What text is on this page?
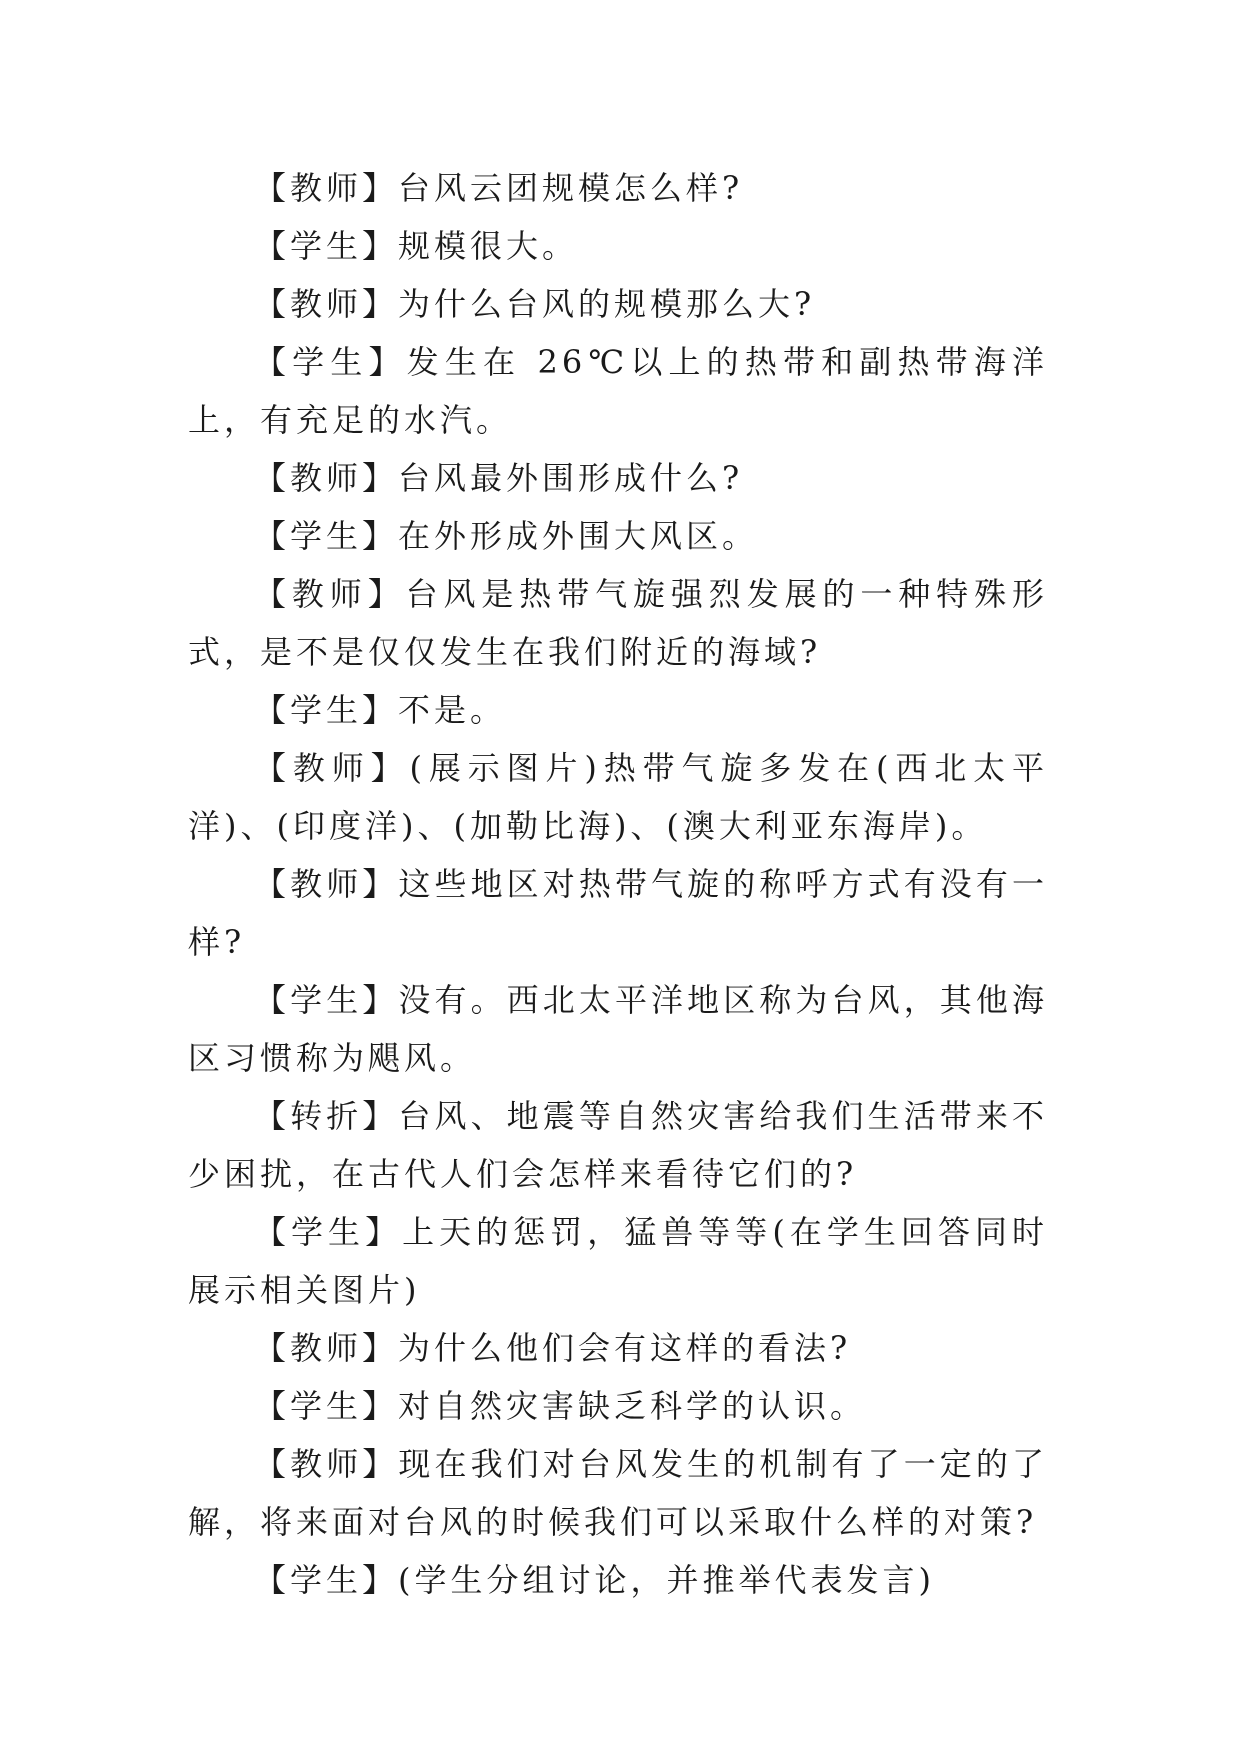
【教师】台风云团规模怎么样?

【学生】规模很大。

【教师】为什么台风的规模那么大?

【学生】发生在 26℃以上的热带和副热带海洋上，有充足的水汽。

【教师】台风最外围形成什么?

【学生】在外形成外围大风区。

【教师】台风是热带气旋强烈发展的一种特殊形式，是不是仅仅发生在我们附近的海域?

【学生】不是。

【教师】(展示图片)热带气旋多发在(西北太平洋)、(印度洋)、(加勒比海)、(澳大利亚东海岸)。

【教师】这些地区对热带气旋的称呼方式有没有一样?

【学生】没有。西北太平洋地区称为台风，其他海区习惯称为飓风。

【转折】台风、地震等自然灾害给我们生活带来不少困扰，在古代人们会怎样来看待它们的?

【学生】上天的惩罚，猛兽等等(在学生回答同时展示相关图片)

【教师】为什么他们会有这样的看法?

【学生】对自然灾害缺乏科学的认识。

【教师】现在我们对台风发生的机制有了一定的了解，将来面对台风的时候我们可以采取什么样的对策?

【学生】(学生分组讨论，并推举代表发言)
